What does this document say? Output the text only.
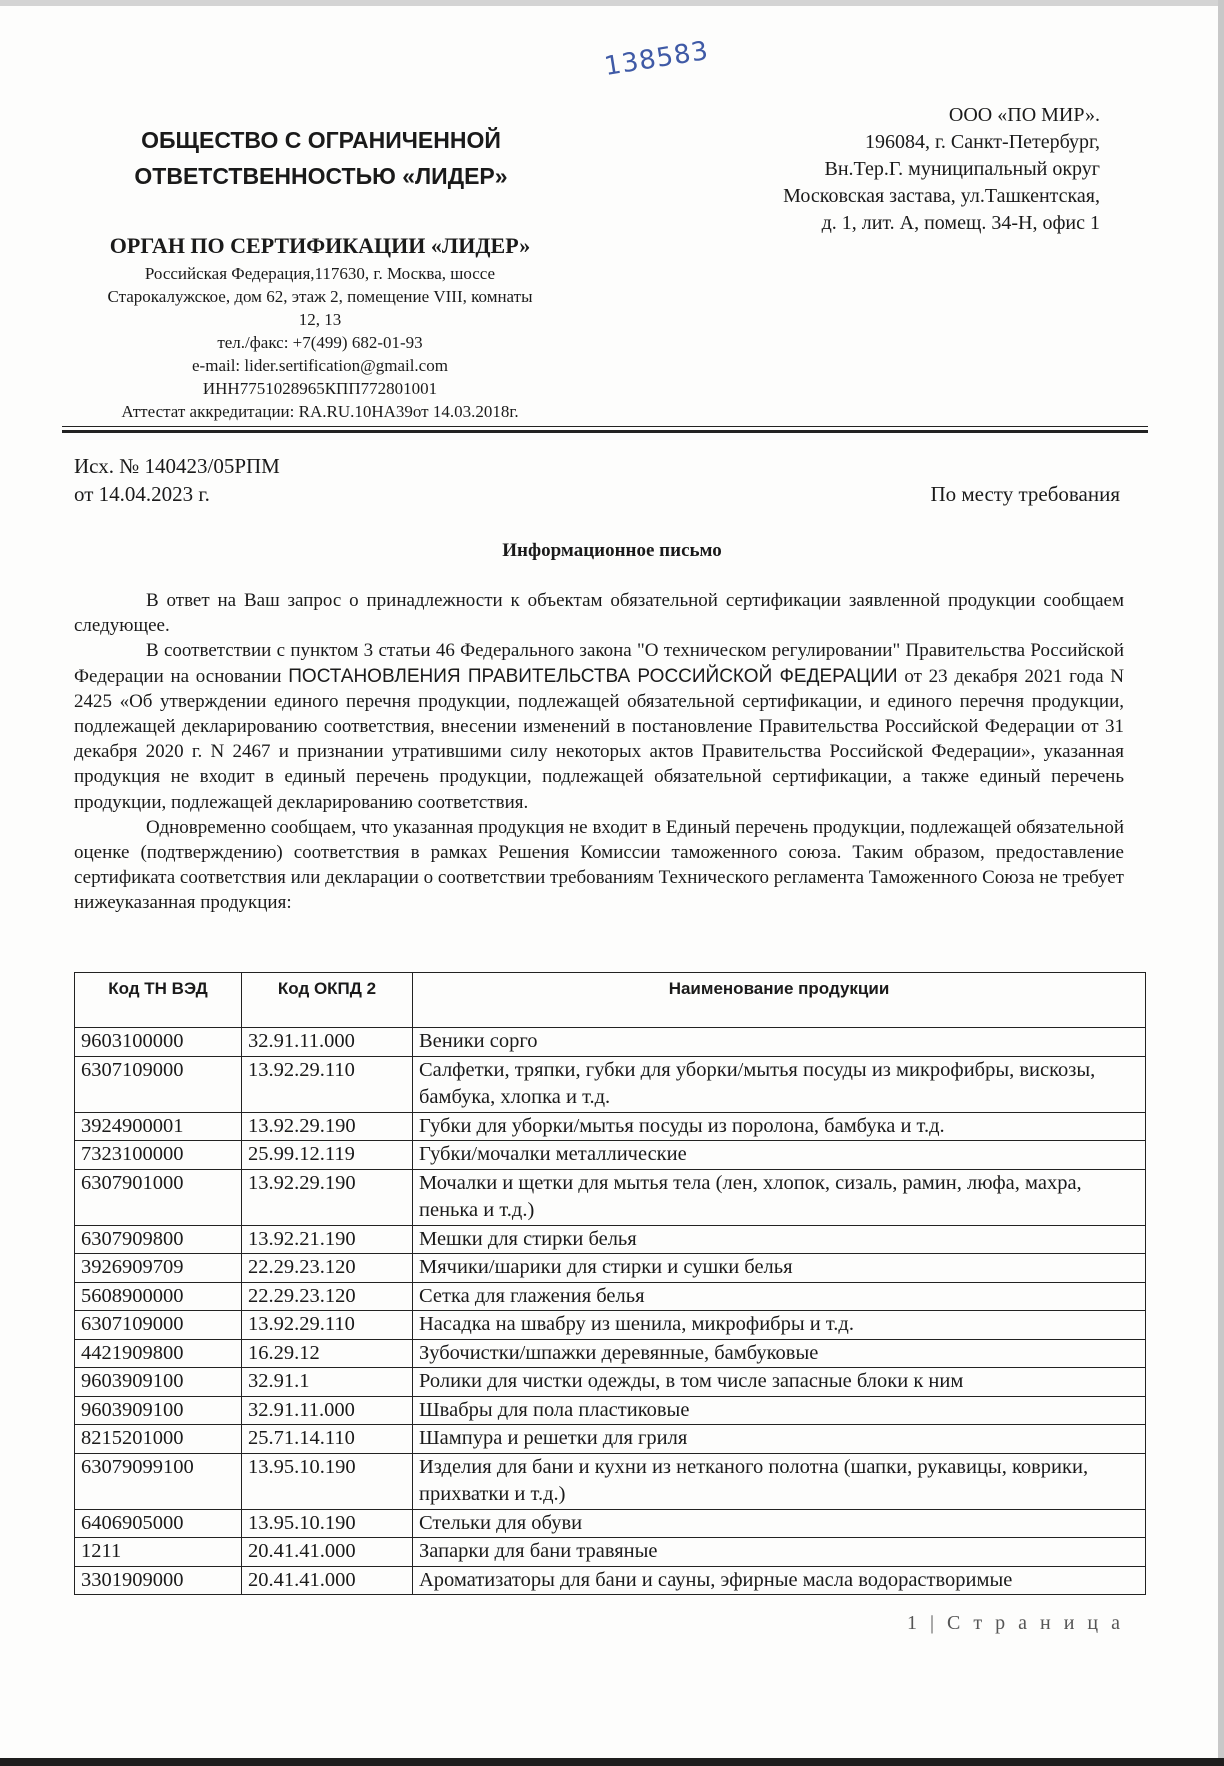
138583
ОБЩЕСТВО С ОГРАНИЧЕННОЙ
ОТВЕТСТВЕННОСТЬЮ «ЛИДЕР»
ОРГАН ПО СЕРТИФИКАЦИИ «ЛИДЕР»
Российская Федерация,117630, г. Москва, шоссе
Старокалужское, дом 62, этаж 2, помещение VIII, комнаты
12, 13
тел./факс: +7(499) 682-01-93
e-mail: lider.sertification@gmail.com
ИНН7751028965КПП772801001
Аттестат аккредитации: RA.RU.10НА39от 14.03.2018г.
ООО «ПО МИР».
196084, г. Санкт-Петербург,
Вн.Тер.Г. муниципальный округ
Московская застава, ул.Ташкентская,
д. 1, лит. А, помещ. 34-Н, офис 1
Исх. № 140423/05РПМ
от 14.04.2023 г.	По месту требования
Информационное письмо

В ответ на Ваш запрос о принадлежности к объектам обязательной сертификации заявленной продукции сообщаем следующее.

В соответствии с пунктом 3 статьи 46 Федерального закона "О техническом регулировании" Правительства Российской Федерации на основании ПОСТАНОВЛЕНИЯ ПРАВИТЕЛЬСТВА РОССИЙСКОЙ ФЕДЕРАЦИИ от 23 декабря 2021 года N 2425 «Об утверждении единого перечня продукции, подлежащей обязательной сертификации, и единого перечня продукции, подлежащей декларированию соответствия, внесении изменений в постановление Правительства Российской Федерации от 31 декабря 2020 г. N 2467 и признании утратившими силу некоторых актов Правительства Российской Федерации», указанная продукция не входит в единый перечень продукции, подлежащей обязательной сертификации, а также единый перечень продукции, подлежащей декларированию соответствия.

Одновременно сообщаем, что указанная продукция не входит в Единый перечень продукции, подлежащей обязательной оценке (подтверждению) соответствия в рамках Решения Комиссии таможенного союза. Таким образом, предоставление сертификата соответствия или декларации о соответствии требованиям Технического регламента Таможенного Союза не требует нижеуказанная продукция:

Код ТН ВЭД	Код ОКПД 2	Наименование продукции
9603100000	32.91.11.000	Веники сорго
6307109000	13.92.29.110	Салфетки, тряпки, губки для уборки/мытья посуды из микрофибры, вискозы, бамбука, хлопка и т.д.
3924900001	13.92.29.190	Губки для уборки/мытья посуды из поролона, бамбука и т.д.
7323100000	25.99.12.119	Губки/мочалки металлические
6307901000	13.92.29.190	Мочалки и щетки для мытья тела (лен, хлопок, сизаль, рамин, люфа, махра, пенька и т.д.)
6307909800	13.92.21.190	Мешки для стирки белья
3926909709	22.29.23.120	Мячики/шарики для стирки и сушки белья
5608900000	22.29.23.120	Сетка для глажения белья
6307109000	13.92.29.110	Насадка на швабру из шенила, микрофибры и т.д.
4421909800	16.29.12	Зубочистки/шпажки деревянные, бамбуковые
9603909100	32.91.1	Ролики для чистки одежды, в том числе запасные блоки к ним
9603909100	32.91.11.000	Швабры для пола пластиковые
8215201000	25.71.14.110	Шампура и решетки для гриля
63079099100	13.95.10.190	Изделия для бани и кухни из нетканого полотна (шапки, рукавицы, коврики, прихватки и т.д.)
6406905000	13.95.10.190	Стельки для обуви
1211	20.41.41.000	Запарки для бани травяные
3301909000	20.41.41.000	Ароматизаторы для бани и сауны, эфирные масла водорастворимые
1 | С т р а н и ц а
